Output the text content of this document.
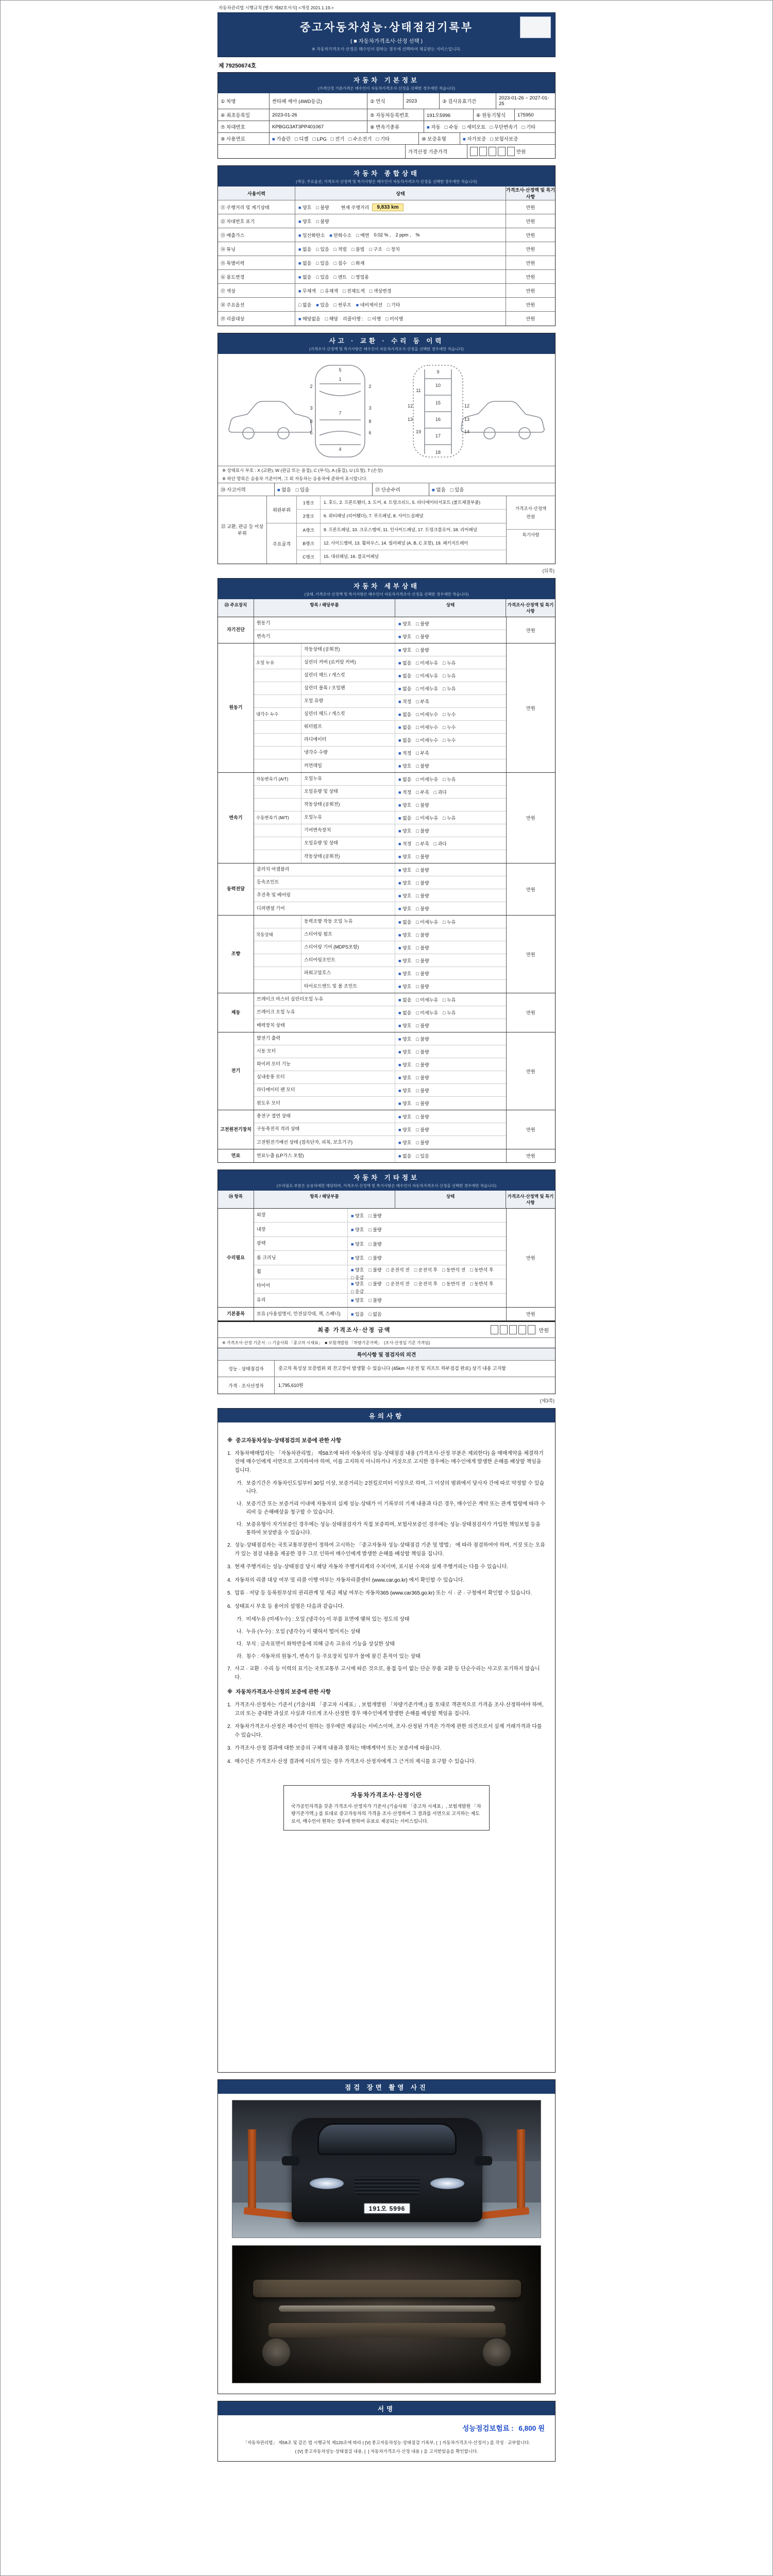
자동차관리법 시행규칙 [별지 제82호서식] <개정 2021.1.19.>
중고자동차성능·상태점검기록부
( ■ 자동차가격조사·산정 선택 )
※ 자동차가격조사·산정은 매수인이 원하는 경우에 선택하여 제공받는 서비스입니다.
제 79250674호
자동차 기본정보
(가격산정 기준가격은 매수인이 자동차가격조사·산정을 선택한 경우에만 적습니다)
① 차명	싼타페 세아 (4WD등급)	② 연식	2023	③ 검사유효기간
2023-01-26 ~ 2027-01-25
④ 최초등록일	2023-01-26	⑤ 자동차등록번호	191오5996	⑥ 원동기형식 175950
⑦ 차대번호	KPBGG3AT3PP401067	⑧ 변속기종류	■ 자동   □ 수동   □ 세미오토   □ 무단변속기   □ 기타
⑨ 사용연료	■ 가솔린   □ 디젤   □ LPG   □ 전기   □ 수소전기   □ 기타	⑩ 보증유형	■ 자가보증   □ 보험사보증
가격산정 기준가격	만원
자동차 종합상태
(색상, 주요옵션, 가격조사·산정액 및 특기사항은 매수인이 자동차가격조사·산정을 선택한 경우에만 적습니다)
사용이력	상태
가격조사·산정액 및 특기사항
⑪ 주행거리 및 계기상태	■ 양호 □ 불량	현재 주행거리	9,833 km	만원
⑫ 차대번호 표기	■ 양호 □ 불량	만원
⑬ 배출가스	■ 일산화탄소 ■ 탄화수소 □ 매연 0.02 % , 2 ppm , %	만원
⑭ 튜닝	■ 없음 □ 있음 □ 적법 □ 불법 □ 구조 □ 장치	만원
⑮ 특별이력	■ 없음 □ 있음 □ 침수 □ 화재	만원
⑯ 용도변경	■ 없음 □ 있음 □ 렌트 □ 영업용	만원
⑰ 색상	■ 무채색 □ 유채색 □ 전체도색 □ 색상변경	만원
⑱ 주요옵션	□ 없음 ■ 있음 □ 썬루프 ■ 네비게이션 □ 기타	만원
⑲ 리콜대상	■ 해당없음 □ 해당 리콜이행 : □ 이행 □ 미이행	만원
사고 · 교환 · 수리 등 이력
(가격조사·산정액 및 특기사항은 매수인이 자동차가격조사·산정을 선택한 경우에만 적습니다)
5
1
2	2
3	3
7
8	8
6	6
4
9
10
11
12	12
13	13
15
16
14
19
17
18
※ 상태표시 부호 : X (교환), W (판금 또는 용접), C (부식), A (흠집), U (요철), T (손상)
※ 하단 항목은 승용차 기준이며, 그 외 자동차는 승용차에 준하여 표시합니다.
⑳ 사고이력	■ 없음 □ 있음	㉑ 단순수리	■ 없음 □ 있음
㉒ 교환, 판금 등 이상 부위
외판부위
1랭크	1. 후드, 2. 프론트휀더, 3. 도어, 4. 트렁크리드, 5. 라디에이터서포트 (볼트체결부품)
2랭크	6. 쿼터패널 (리어휀더), 7. 루프패널, 8. 사이드실패널
주요골격
A랭크	9. 프론트패널, 10. 크로스멤버, 11. 인사이드패널, 17. 트렁크플로어, 18. 리어패널
B랭크	12. 사이드멤버, 13. 휠하우스, 14. 필러패널 (A, B, C 포함), 19. 패키지트레이
C랭크	15. 대쉬패널, 16. 플로어패널
가격조사·산정액
만원
특기사항
(뒤쪽)
자동차 세부상태
(상태, 가격조사·산정액 및 특기사항은 매수인이 자동차가격조사·산정을 선택한 경우에만 적습니다)
㉓ 주요장치	항목 / 해당부품	상태	가격조사·산정액 및 특기사항
자기진단
원동기	■ 양호 □ 불량
변속기	■ 양호 □ 불량
만원
원동기
작동상태 (공회전)	■ 양호 □ 불량
오일 누유	실린더 커버 (로커암 커버)	■ 없음 □ 미세누유 □ 누유
실린더 헤드 / 개스킷	■ 없음 □ 미세누유 □ 누유
실린더 블록 / 오일팬	■ 없음 □ 미세누유 □ 누유
오일 유량	■ 적정 □ 부족
냉각수 누수	실린더 헤드 / 개스킷	■ 없음 □ 미세누수 □ 누수
워터펌프	■ 없음 □ 미세누수 □ 누수
라디에이터	■ 없음 □ 미세누수 □ 누수
냉각수 수량	■ 적정 □ 부족
커먼레일	■ 양호 □ 불량
만원
변속기
자동변속기 (A/T)	오일누유	■ 없음 □ 미세누유 □ 누유
오일유량 및 상태	■ 적정 □ 부족 □ 과다
작동상태 (공회전)	■ 양호 □ 불량
수동변속기 (M/T)	오일누유	■ 없음 □ 미세누유 □ 누유
기어변속장치	■ 양호 □ 불량
오일유량 및 상태	■ 적정 □ 부족 □ 과다
작동상태 (공회전)	■ 양호 □ 불량
만원
동력전달
클러치 어셈블리	■ 양호 □ 불량
등속조인트	■ 양호 □ 불량
추진축 및 베어링	■ 양호 □ 불량
디퍼렌셜 기어	■ 양호 □ 불량
만원
조향
동력조향 작동 오일 누유	■ 없음 □ 미세누유 □ 누유
작동상태	스티어링 펌프	■ 양호 □ 불량
스티어링 기어 (MDPS포함)	■ 양호 □ 불량
스티어링조인트	■ 양호 □ 불량
파워고압호스	■ 양호 □ 불량
타이로드엔드 및 볼 조인트	■ 양호 □ 불량
만원
제동
브레이크 마스터 실린더오일 누유	■ 없음 □ 미세누유 □ 누유
브레이크 오일 누유	■ 없음 □ 미세누유 □ 누유
배력장치 상태	■ 양호 □ 불량
만원
전기
발전기 출력	■ 양호 □ 불량
시동 모터	■ 양호 □ 불량
와이퍼 모터 기능	■ 양호 □ 불량
실내송풍 모터	■ 양호 □ 불량
라디에이터 팬 모터	■ 양호 □ 불량
윈도우 모터	■ 양호 □ 불량
만원
고전원전기장치
충전구 절연 상태	■ 양호 □ 불량
구동축전지 격리 상태	■ 양호 □ 불량
고전원전기배선 상태 (접속단자, 피복, 보호기구)	■ 양호 □ 불량
만원
연료	연료누출 (LP가스 포함)	■ 없음 □ 있음	만원
자동차 기타정보
(수리필요 부분은 승용차에만 해당하며, 가격조사·산정액 및 특기사항은 매수인이 자동차가격조사·산정을 선택한 경우에만 적습니다)
㉔ 항목	항목 / 해당부품	상태	가격조사·산정액 및 특기사항
수리필요
외장	■ 양호 □ 불량
내장	■ 양호 □ 불량
광택	■ 양호 □ 불량
룸 크리닝	■ 양호 □ 불량
휠	■ 양호 □ 불량 □ 운전석 전 □ 운전석 후 □ 동반석 전 □ 동반석 후
□ 응급
타이어	■ 양호 □ 불량 □ 운전석 전 □ 운전석 후 □ 동반석 전 □ 동반석 후
□ 응급
유리	■ 양호 □ 불량
만원
기본품목	보유 (사용설명서, 안전삼각대, 잭, 스패너) ■ 있음 □ 없음	만원
최종 가격조사·산정 금액	만원
※ 가격조사·산정 기준서 : □ 기술사회 「중고차 시세표」  ■ 보험개발원 「차량기준가액」  (조사·산정일 기준 가격임)
특이사항 및 점검자의 의견
성능 · 상태점검자	중고차 특성상 보증범위 외 잔고장이 발생할 수 있습니다 (45km 시운전 및 리프트 하부점검 완료) 상기 내용 고지함
가격 · 조사산정자	1,795,610원
(제3쪽)
유의사항
※ 중고자동차성능·상태점검의 보증에 관한 사항
1. 자동차매매업자는 「자동차관리법」 제58조에 따라 자동차의 성능·상태점검 내용 (가격조사·산정 부분은 제외한다) 을 매매계약을 체결하기 전에 매수인에게 서면으로 고지하여야 하며, 이를 고지하지 아니하거나 거짓으로 고지한 경우에는 매수인에게 발생한 손해를 배상할 책임을 집니다.
가. 보증기간은 자동차인도일부터 30일 이상, 보증거리는 2천킬로미터 이상으로 하며, 그 이상의 범위에서 당사자 간에 따로 약정할 수 있습니다.
나. 보증기간 또는 보증거리 이내에 자동차의 실제 성능·상태가 이 기록부의 기재 내용과 다른 경우, 매수인은 계약 또는 관계 법령에 따라 수리비 등 손해배상을 청구할 수 있습니다.
다. 보증유형이 자가보증인 경우에는 성능·상태점검자가 직접 보증하며, 보험사보증인 경우에는 성능·상태점검자가 가입한 책임보험 등을 통하여 보상받을 수 있습니다.
2. 성능·상태점검자는 국토교통부장관이 정하여 고시하는 「중고자동차 성능·상태점검 기준 및 방법」 에 따라 점검하여야 하며, 거짓 또는 오류가 있는 점검 내용을 제공한 경우 그로 인하여 매수인에게 발생한 손해를 배상할 책임을 집니다.
3. 현재 주행거리는 성능·상태점검 당시 해당 자동차 주행거리계의 수치이며, 표시된 수치와 실제 주행거리는 다를 수 있습니다.
4. 자동차의 리콜 대상 여부 및 리콜 이행 여부는 자동차리콜센터 (www.car.go.kr) 에서 확인할 수 있습니다.
5. 압류 · 저당 등 등록원부상의 권리관계 및 세금 체납 여부는 자동차365 (www.car365.go.kr) 또는 시 · 군 · 구청에서 확인할 수 있습니다.
6. 상태표시 부호 등 용어의 설명은 다음과 같습니다.
가. 미세누유 (미세누수) : 오일 (냉각수) 이 부품 표면에 맺혀 있는 정도의 상태
나. 누유 (누수) : 오일 (냉각수) 이 맺혀서 떨어지는 상태
다. 부식 : 금속표면이 화학반응에 의해 금속 고유의 기능을 상실한 상태
라. 침수 : 자동차의 원동기, 변속기 등 주요장치 일부가 물에 잠긴 흔적이 있는 상태
7. 사고 · 교환 · 수리 등 이력의 표기는 국토교통부 고시에 따른 것으로, 용접 등이 없는 단순 부품 교환 등 단순수리는 사고로 표기하지 않습니다.
※ 자동차가격조사·산정의 보증에 관한 사항
1. 가격조사·산정자는 기준서 (기술사회 「중고차 시세표」, 보험개발원 「차량기준가액」) 를 토대로 객관적으로 가격을 조사·산정하여야 하며, 고의 또는 중대한 과실로 사실과 다르게 조사·산정한 경우 매수인에게 발생한 손해를 배상할 책임을 집니다.
2. 자동차가격조사·산정은 매수인이 원하는 경우에만 제공되는 서비스이며, 조사·산정된 가격은 가격에 관한 의견으로서 실제 거래가격과 다를 수 있습니다.
3. 가격조사·산정 결과에 대한 보증의 구체적 내용과 절차는 매매계약서 또는 보증서에 따릅니다.
4. 매수인은 가격조사·산정 결과에 이의가 있는 경우 가격조사·산정자에게 그 근거의 제시를 요구할 수 있습니다.
자동차가격조사·산정이란
국가공인자격을 갖춘 가격조사·산정자가 기준서 (기술사회 「중고차 시세표」, 보험개발원 「차량기준가액」) 를 토대로 중고자동차의 가격을 조사·산정하여 그 결과를 서면으로 고지하는 제도로서, 매수인이 원하는 경우에 한하여 유료로 제공되는 서비스입니다.
점검 장면 촬영 사진
191오 5996
서명
성능점검보험료 : 6,800 원
「자동차관리법」 제58조 및 같은 법 시행규칙 제120조에 따라 ( [V] 중고자동차성능·상태점검 기록부, [  ] 자동차가격조사·산정서 ) 를 작성 · 교부합니다.
( [V] 중고자동차성능·상태점검 내용, [  ] 자동차가격조사·산정 내용 ) 을 고지받았음을 확인합니다.
